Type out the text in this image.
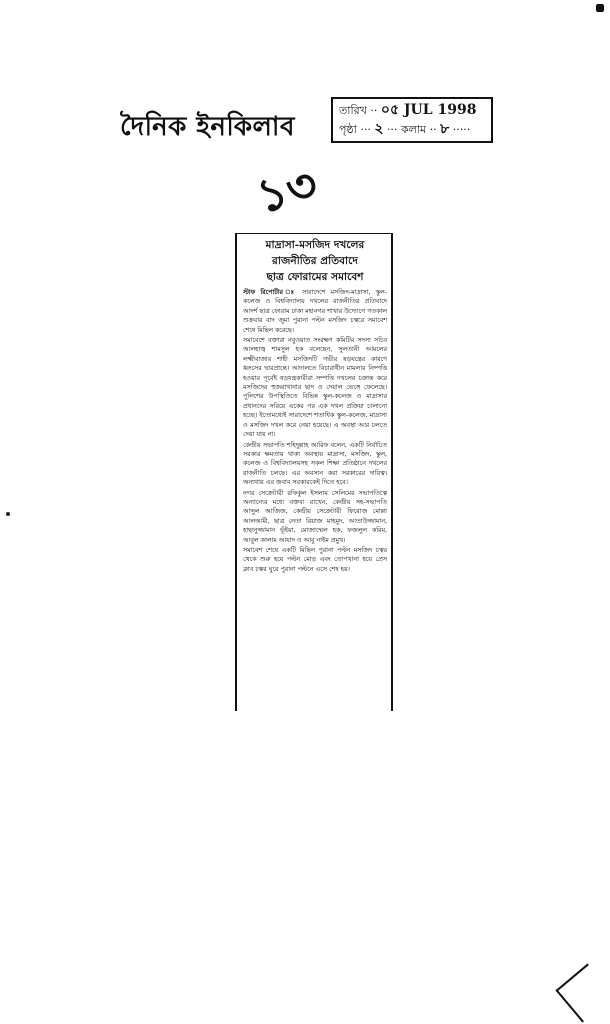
দৈনিক ইনকিলাব
তারিখ ·· ০৫ JUL 1998
পৃষ্ঠা ··· ২ ··· কলাম ·· ৮ ·····
১৩
মাদ্রাসা-মসজিদ দখলের
রাজনীতির প্রতিবাদে
ছাত্র ফোরামের সমাবেশ

স্টাফ রিপোর্টার ঃ সারাদেশে মসজিদ-মাদ্রাসা, স্কুল-কলেজ ও বিশ্ববিদ্যালয় দখলের রাজনীতির প্রতিবাদে আদর্শ ছাত্র ফোরাম ঢাকা মহানগর শাখার উদ্যোগে গতকাল শুক্রবার বাদ জুমা পুরানা পল্টন মসজিদ চত্বরে সমাবেশ শেষে মিছিল করেছে।

সমাবেশে বক্তারা নবুওয়াত সংরক্ষণ কমিটির সদস্য সচিব আলহাজ্ব শামসুল হক বলেছেন, সুলতানী আমলের লক্ষ্মীবাজার শাহী মসজিদটি গভীর ষড়যন্ত্রের কারণে ধ্বংসের দ্বারপ্রান্তে। আদালতে বিচারাধীন মামলার নিষ্পত্তি হওয়ার পূর্বেই ষড়যন্ত্রকারীরা সম্পত্তি দখলের চক্রান্ত করে মসজিদের হুজরাখানার ছাদ ও দেয়াল ভেঙ্গে ফেলেছে। পুলিশের উপস্থিতিতে বিভিন্ন স্কুল-কলেজ ও মাদ্রাসার প্রধানদের সরিয়ে একের পর এক দখল প্রক্রিয়া চালানো হচ্ছে। ইতোমধ্যেই সারাদেশে শতাধিক স্কুল-কলেজ, মাদ্রাসা ও মসজিদ দখল করে নেয়া হয়েছে। এ অবস্থা আর চলতে দেয়া যায় না।

কেন্দ্রীয় সভাপতি শহিদুল্লাহ আরিফ বলেন, একটি নির্বাচিত সরকার ক্ষমতায় থাকা অবস্থায় মাদ্রাসা, মসজিদ, স্কুল, কলেজ ও বিশ্ববিদ্যালয়সহ সকল শিক্ষা প্রতিষ্ঠানে দখলের রাজনীতি চলছে। এর অবসান করা সরকারের দায়িত্ব। অন্যথায় এর জবাব সরকারকেই দিতে হবে।

নগর সেক্রেটারী রফিকুল ইসলাম সেলিমের সভাপতিত্বে অন্যান্যের মধ্যে বক্তব্য রাখেন, কেন্দ্রীয় সহ-সভাপতি আব্দুল আজিজ, কেন্দ্রীয় সেক্রেটারী ফিরোজ মোল্লা আলআমী, ছাত্র নেতা রিয়াজ মাহমুদ, আতাউজ্জামান, হাছানুজ্জামান ভূঁইয়া, মোজাম্মেল হক, ফজলুল করিম, আবুল কালাম আযাদ ও আবু নাইম প্রমুখ।

সমাবেশ শেষে একটি মিছিল পুরানা পল্টন মসজিদ চত্বর থেকে শুরু হয়ে পল্টন মোড় এবং তোপখানা হয়ে প্রেস ক্লাব চত্বর ঘুরে পুরানা পল্টনে এসে শেষ হয়।
